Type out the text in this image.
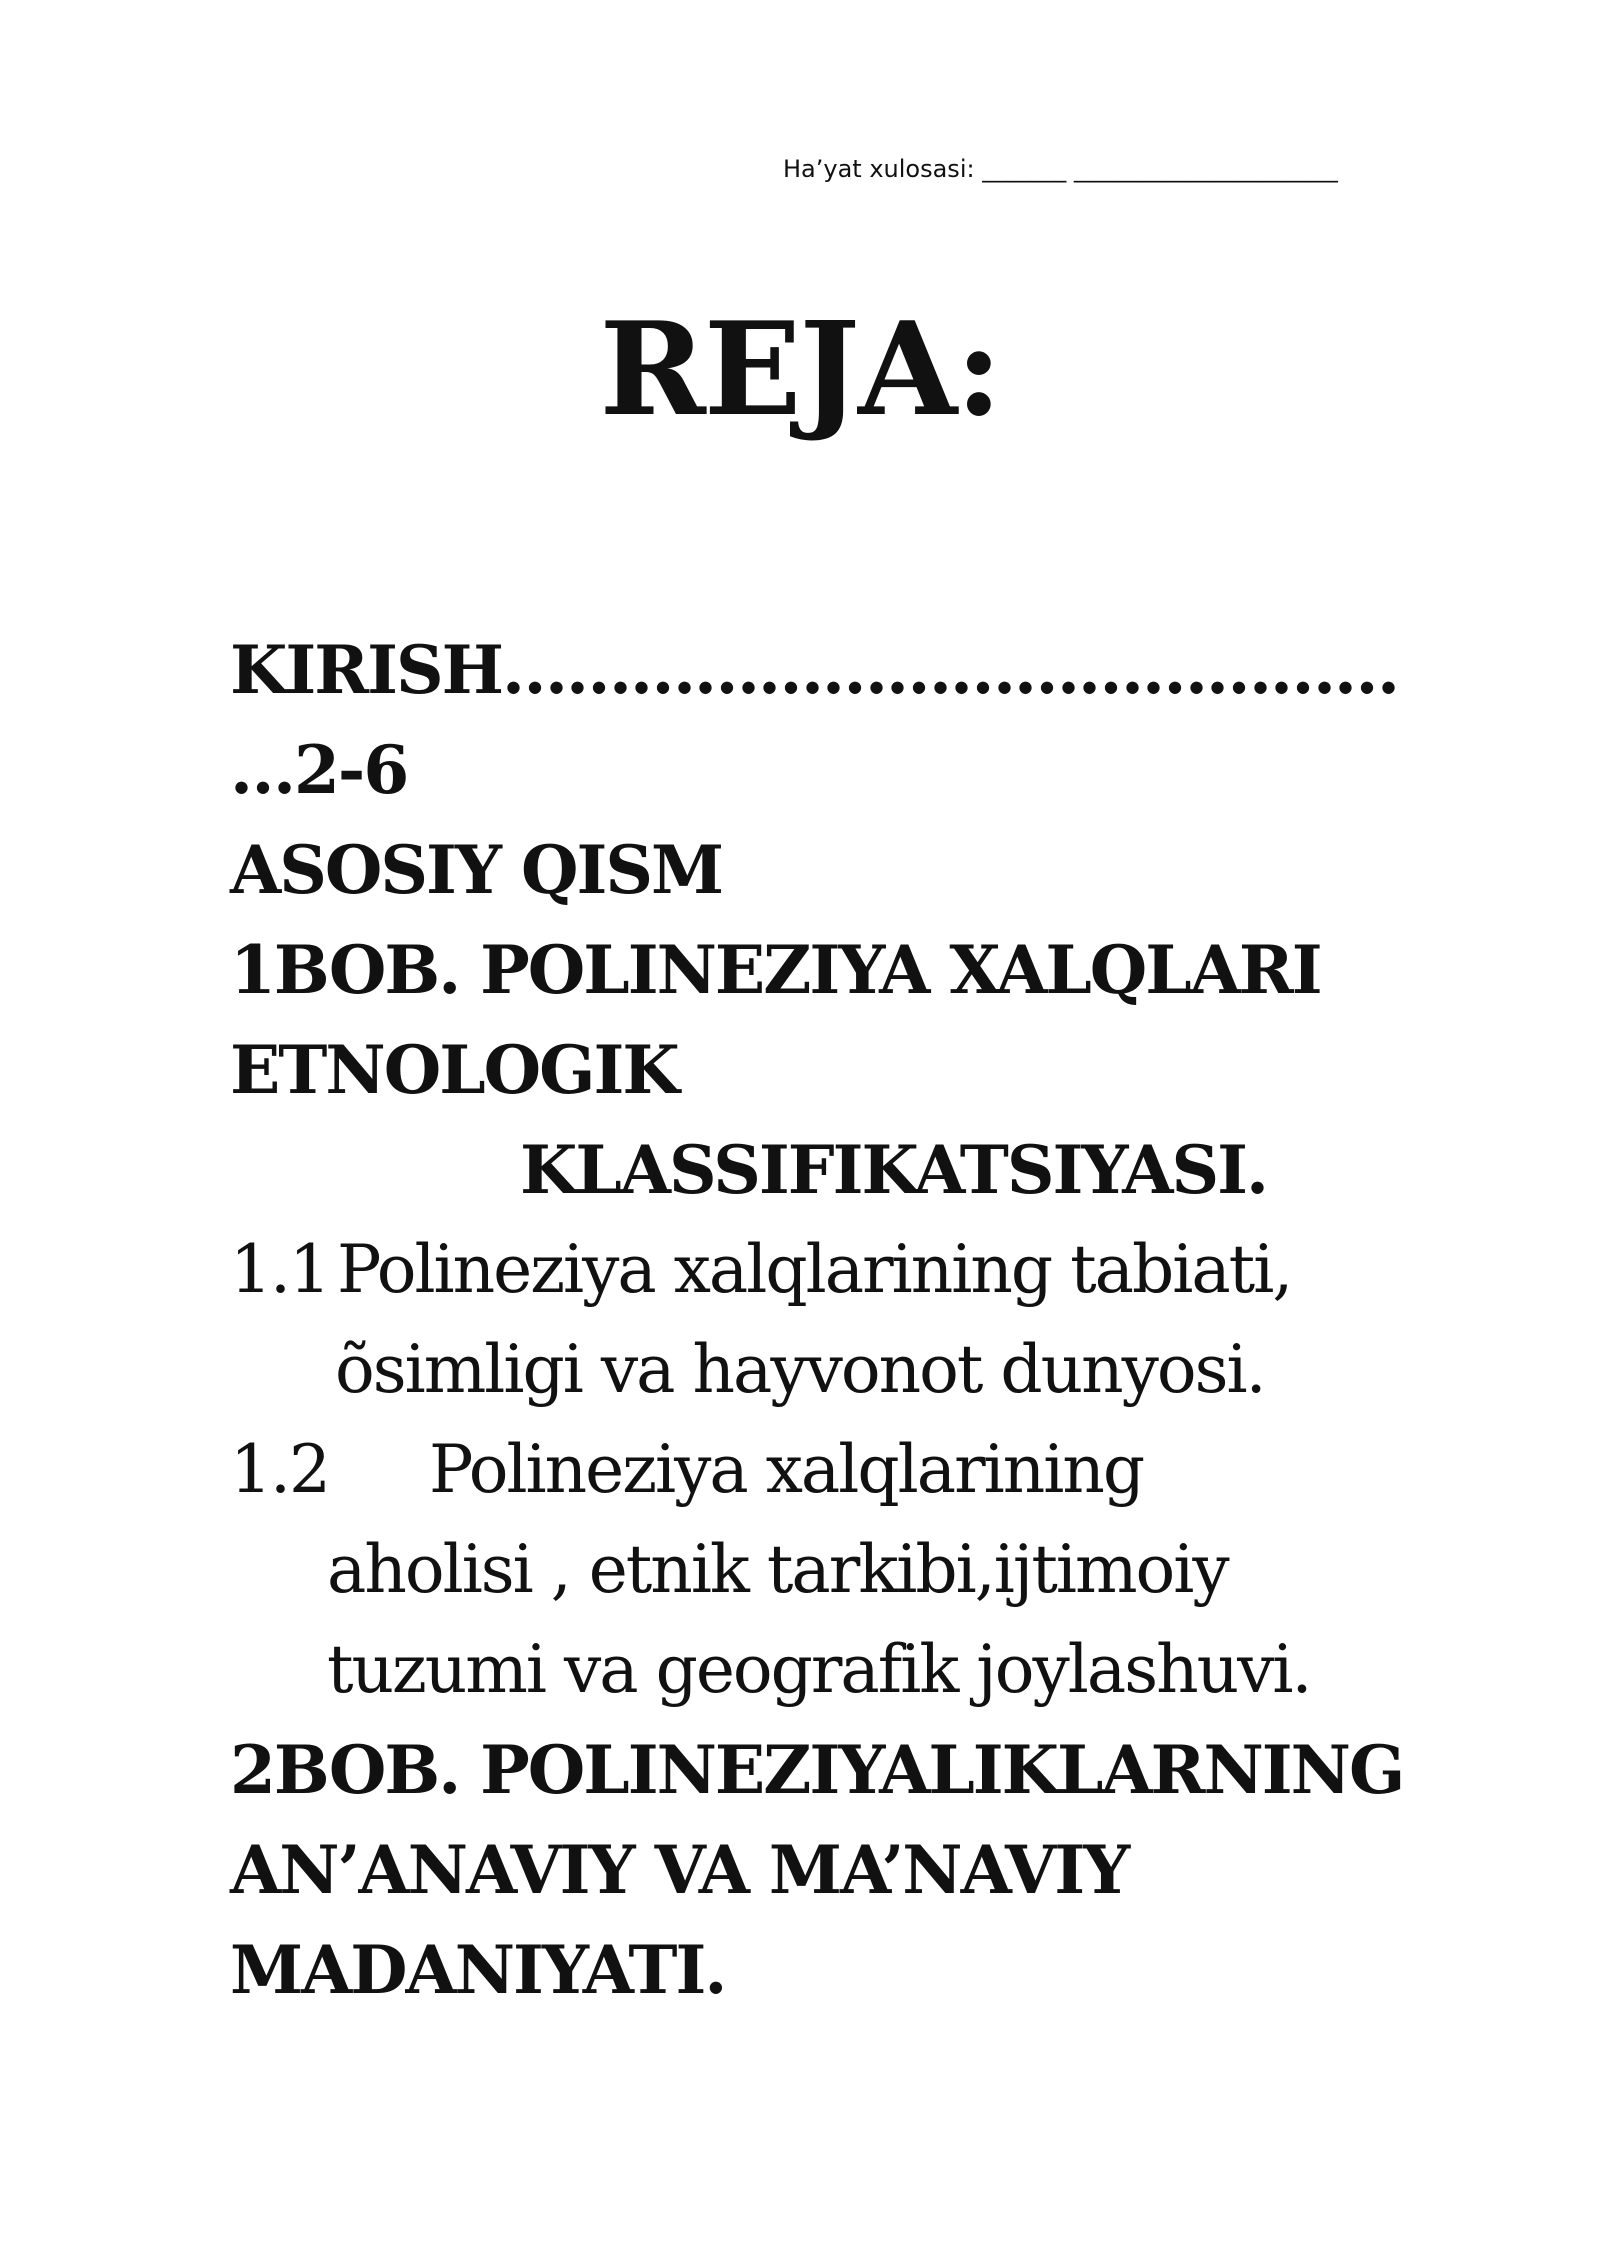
Ha’yat xulosasi: _______ ______________________
REJA:
KIRISH……………………………………
…2-6
ASOSIY QISM
1BOB. POLINEZIYA XALQLARI
ETNOLOGIK
KLASSIFIKATSIYASI.
1.1 Polineziya xalqlarining tabiati,
õsimligi va hayvonot dunyosi.
1.2 Polineziya xalqlarining
aholisi , etnik tarkibi,ijtimoiy
tuzumi va geografik joylashuvi.
2BOB. POLINEZIYALIKLARNING
AN’ANAVIY VA MA’NAVIY
MADANIYATI.
